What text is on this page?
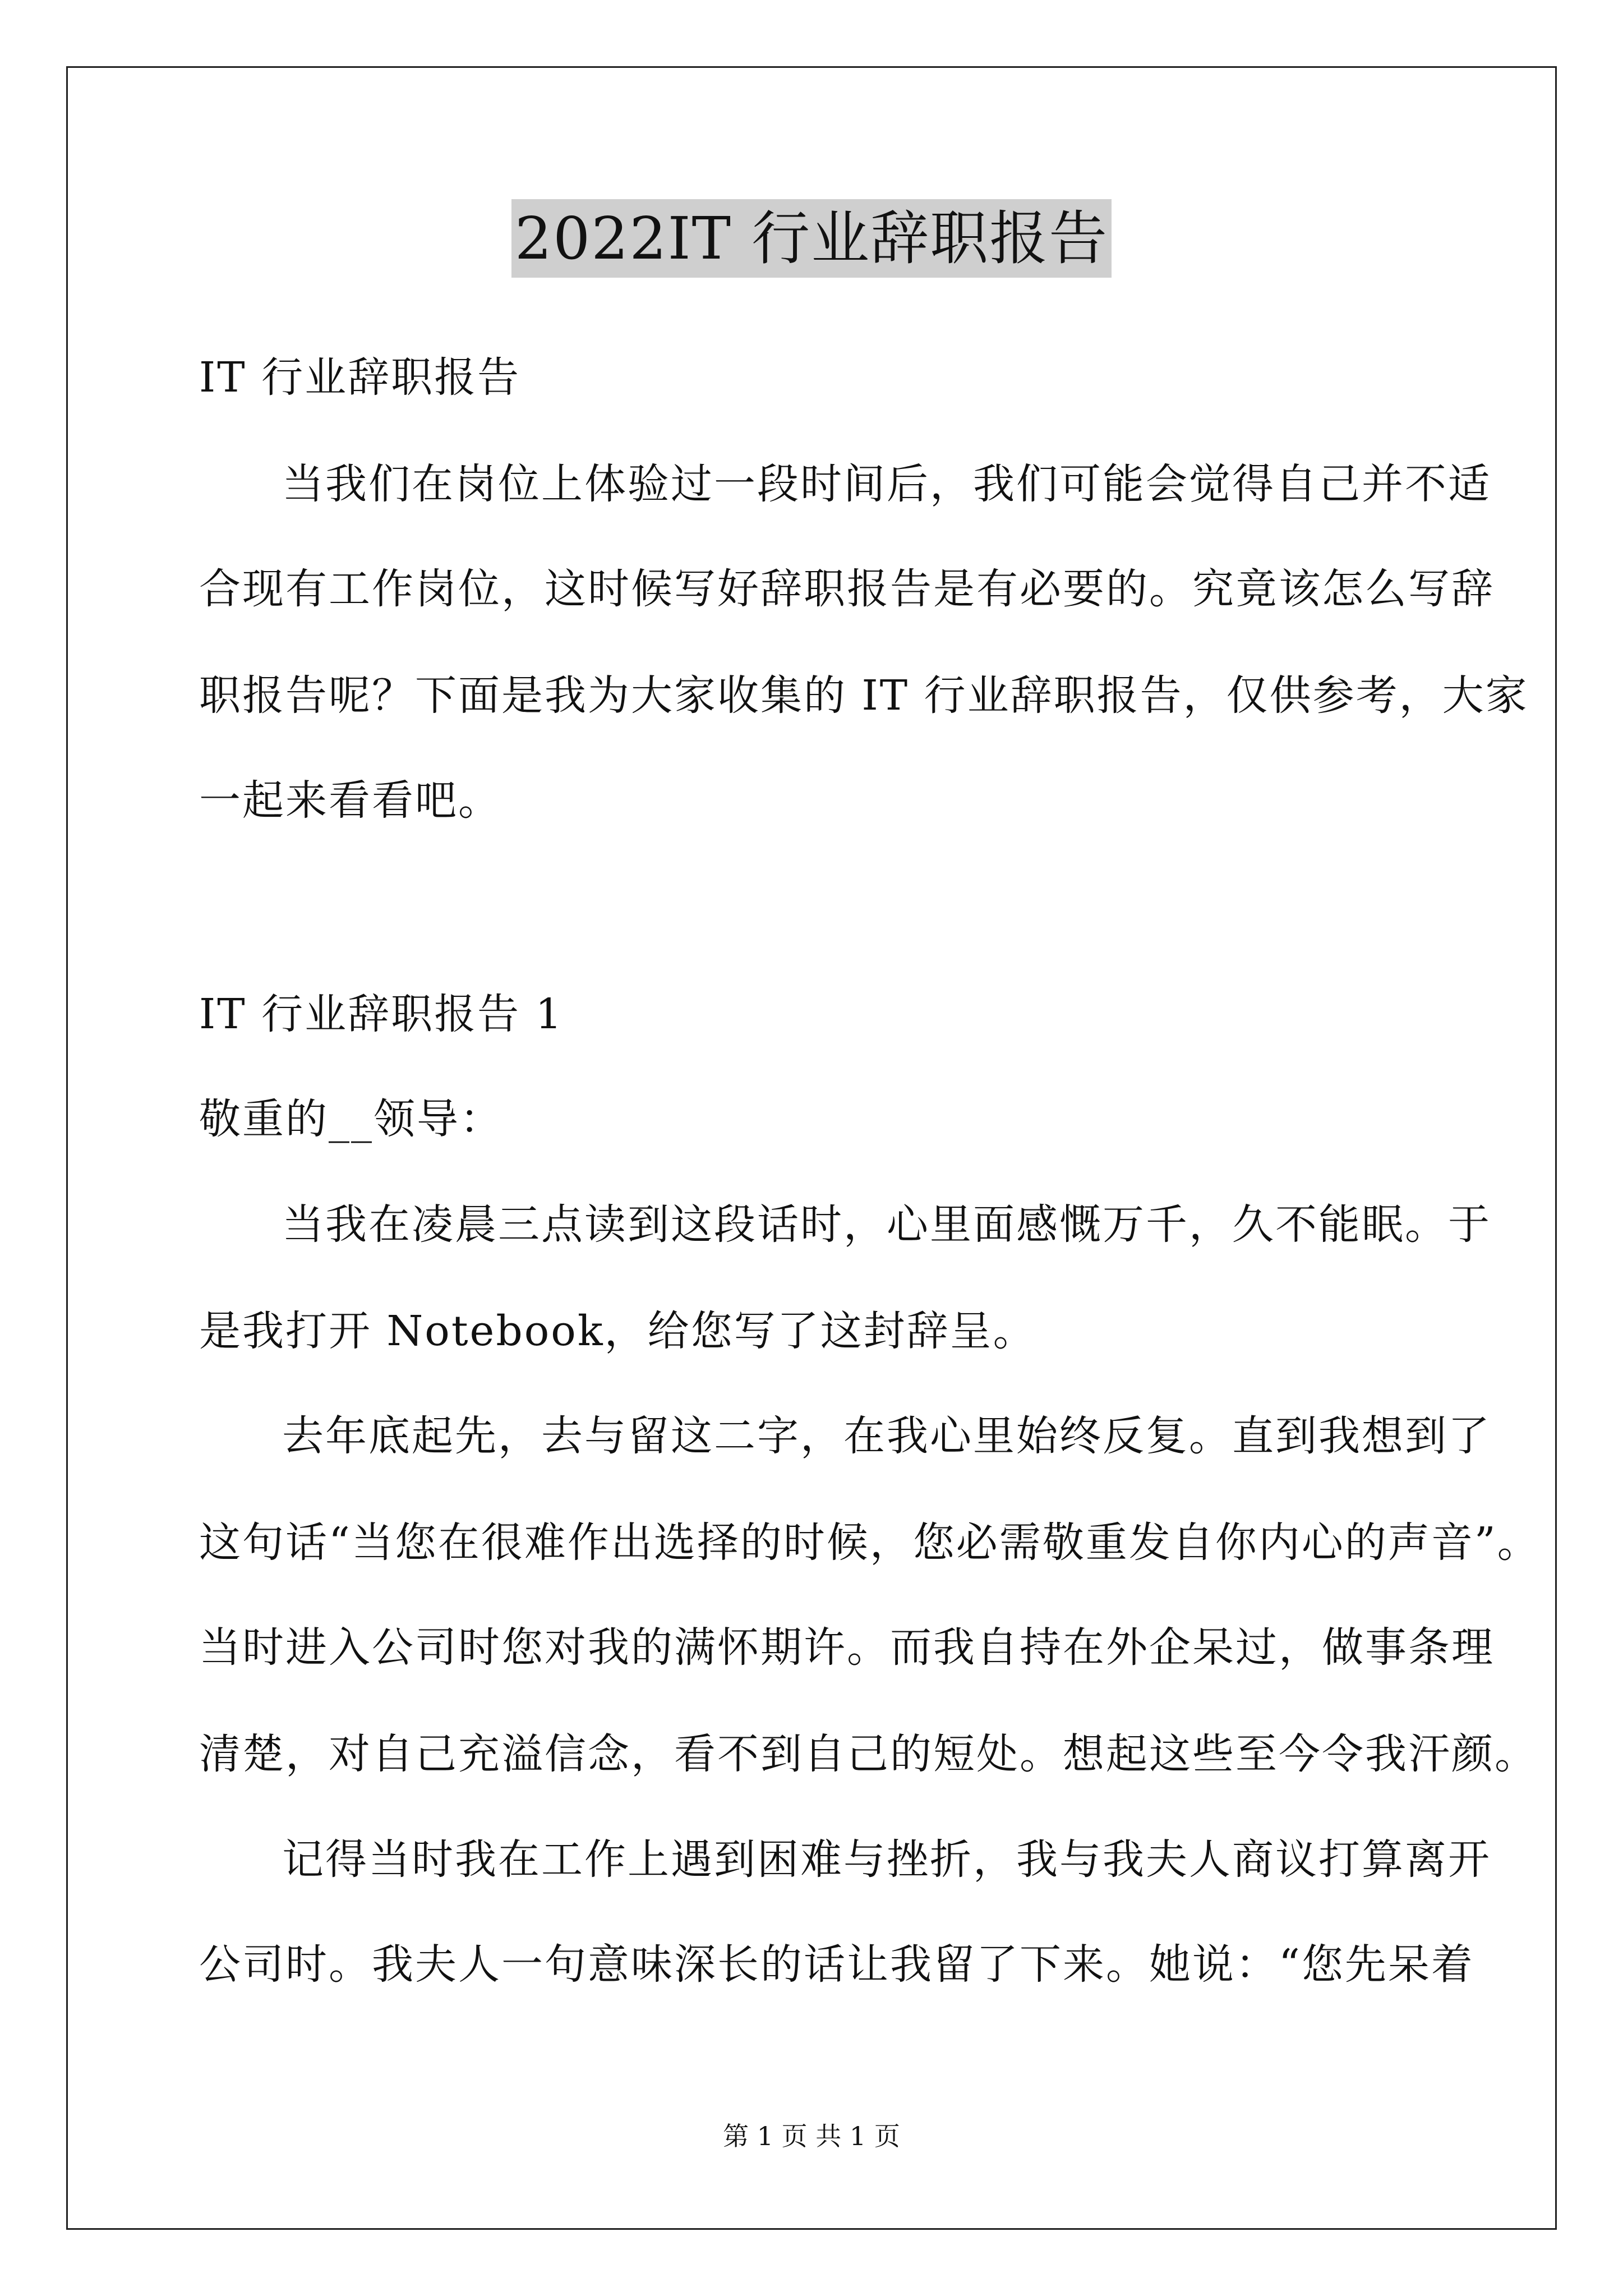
2022IT 行业辞职报告
IT 行业辞职报告
当我们在岗位上体验过一段时间后，我们可能会觉得自己并不适
合现有工作岗位，这时候写好辞职报告是有必要的。究竟该怎么写辞
职报告呢？下面是我为大家收集的 IT 行业辞职报告，仅供参考，大家
一起来看看吧。
IT 行业辞职报告 1
敬重的__领导：
当我在凌晨三点读到这段话时，心里面感慨万千，久不能眠。于
是我打开 Notebook，给您写了这封辞呈。
去年底起先，去与留这二字，在我心里始终反复。直到我想到了
这句话“当您在很难作出选择的时候，您必需敬重发自你内心的声音”。
当时进入公司时您对我的满怀期许。而我自持在外企呆过，做事条理
清楚，对自己充溢信念，看不到自己的短处。想起这些至今令我汗颜。
记得当时我在工作上遇到困难与挫折，我与我夫人商议打算离开
公司时。我夫人一句意味深长的话让我留了下来。她说：“您先呆着
第 1 页 共 1 页
